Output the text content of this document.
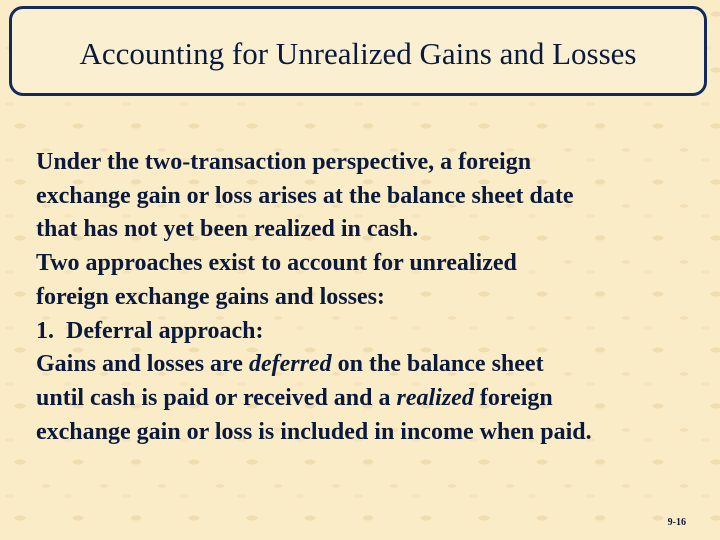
Accounting for Unrealized Gains and Losses
Under the two-transaction perspective, a foreign
exchange gain or loss arises at the balance sheet date
that has not yet been realized in cash.
Two approaches exist to account for unrealized
foreign exchange gains and losses:
1. Deferral approach:
Gains and losses are deferred on the balance sheet
until cash is paid or received and a realized foreign
exchange gain or loss is included in income when paid.
9-16
